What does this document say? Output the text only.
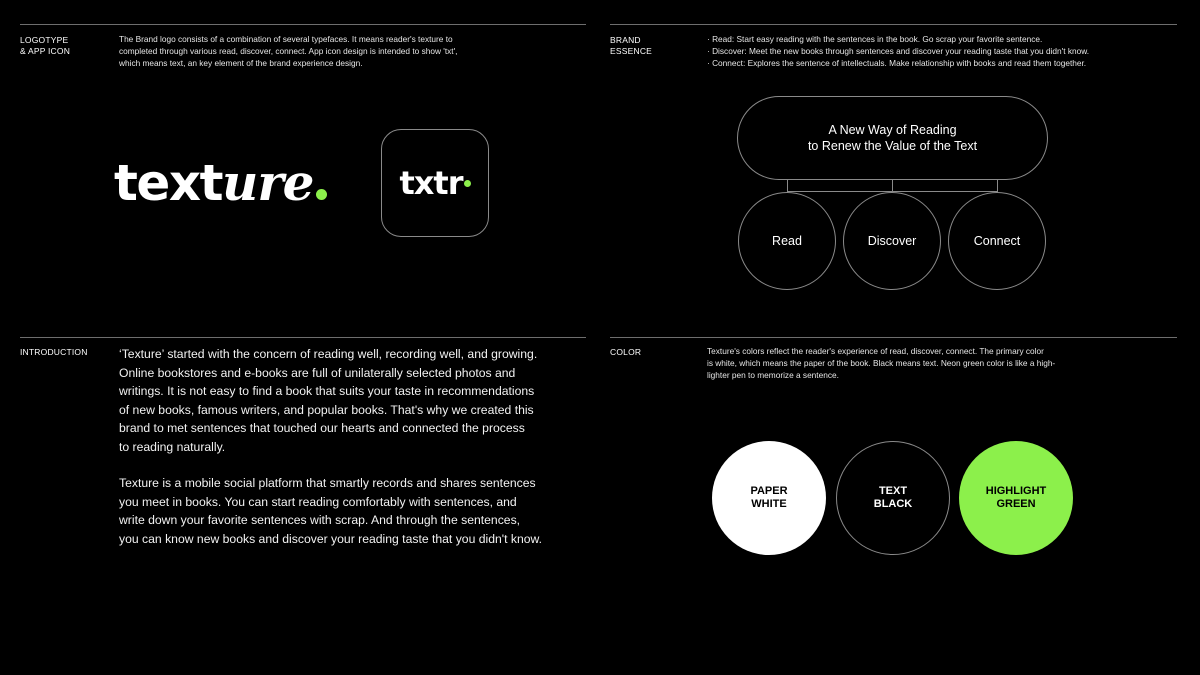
LOGOTYPE
& APP ICON

The Brand logo consists of a combination of several typefaces. It means reader's texture to

completed through various read, discover, connect. App icon design is intended to show 'txt',

which means text, an key element of the brand experience design.

texture	txtr
BRAND
ESSENCE

· Read: Start easy reading with the sentences in the book. Go scrap your favorite sentence.

· Discover: Meet the new books through sentences and discover your reading taste that you didn't know.

· Connect: Explores the sentence of intellectuals. Make relationship with books and read them together.

A New Way of Reading
to Renew the Value of the Text
Read	Discover	Connect
INTRODUCTION	‘Texture’ started with the concern of reading well, recording well, and growing.

Online bookstores and e-books are full of unilaterally selected photos and

writings. It is not easy to find a book that suits your taste in recommendations

of new books, famous writers, and popular books. That's why we created this

brand to met sentences that touched our hearts and connected the process

to reading naturally.

Texture is a mobile social platform that smartly records and shares sentences

you meet in books. You can start reading comfortably with sentences, and

write down your favorite sentences with scrap. And through the sentences,

you can know new books and discover your reading taste that you didn't know.

COLOR	Texture's colors reflect the reader's experience of read, discover, connect. The primary color

is white, which means the paper of the book. Black means text. Neon green color is like a high-

lighter pen to memorize a sentence.

PAPER
WHITE
TEXT
BLACK
HIGHLIGHT
GREEN
